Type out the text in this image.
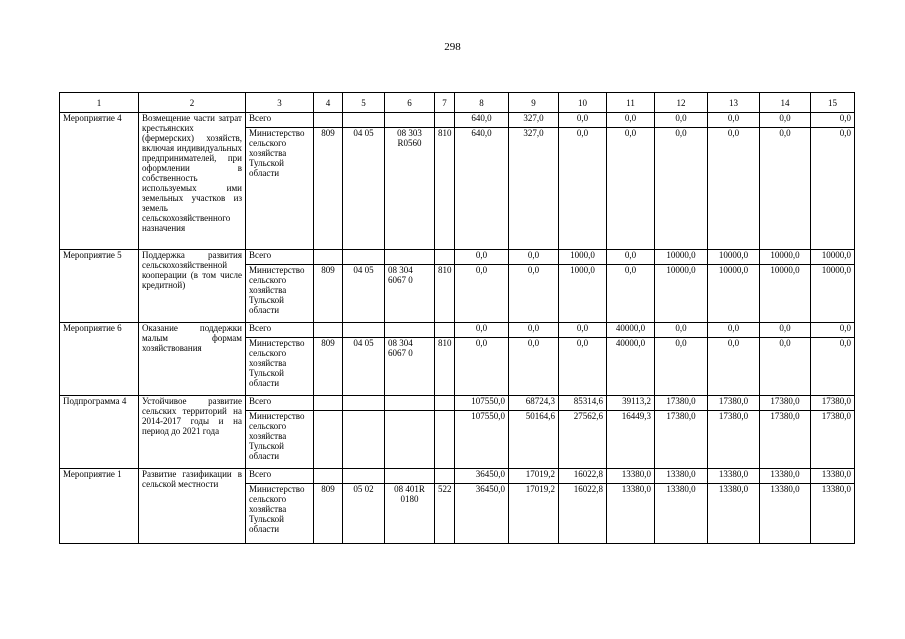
298
1	2	3	4	5	6	7	8	9	10	11	12	13	14	15
Мероприятие 4	Возмещение части затрат крестьянских (фермерских) хозяйств, включая индивидуальных предпринимателей, при оформлении в собственность используемых ими земельных участков из земель сельскохозяйственного назначения	Всего					640,0	327,0	0,0	0,0	0,0	0,0	0,0	0,0
		Министерство сельского хозяйства Тульской области	809	04 05	08 303 R0560	810	640,0	327,0	0,0	0,0	0,0	0,0	0,0	0,0
Мероприятие 5	Поддержка развития сельскохозяйственной кооперации (в том числе кредитной)	Всего					0,0	0,0	1000,0	0,0	10000,0	10000,0	10000,0	10000,0
		Министерство сельского хозяйства Тульской области	809	04 05	08 304 6067 0	810	0,0	0,0	1000,0	0,0	10000,0	10000,0	10000,0	10000,0
Мероприятие 6	Оказание поддержки малым формам хозяйствования	Всего					0,0	0,0	0,0	40000,0	0,0	0,0	0,0	0,0
		Министерство сельского хозяйства Тульской области	809	04 05	08 304 6067 0	810	0,0	0,0	0,0	40000,0	0,0	0,0	0,0	0,0
Подпрограмма 4	Устойчивое развитие сельских территорий на 2014-2017 годы и на период до 2021 года	Всего					107550,0	68724,3	85314,6	39113,2	17380,0	17380,0	17380,0	17380,0
		Министерство сельского хозяйства Тульской области					107550,0	50164,6	27562,6	16449,3	17380,0	17380,0	17380,0	17380,0
Мероприятие 1	Развитие газификации в сельской местности	Всего					36450,0	17019,2	16022,8	13380,0	13380,0	13380,0	13380,0	13380,0
		Министерство сельского хозяйства Тульской области	809	05 02	08 401R 0180	522	36450,0	17019,2	16022,8	13380,0	13380,0	13380,0	13380,0	13380,0
